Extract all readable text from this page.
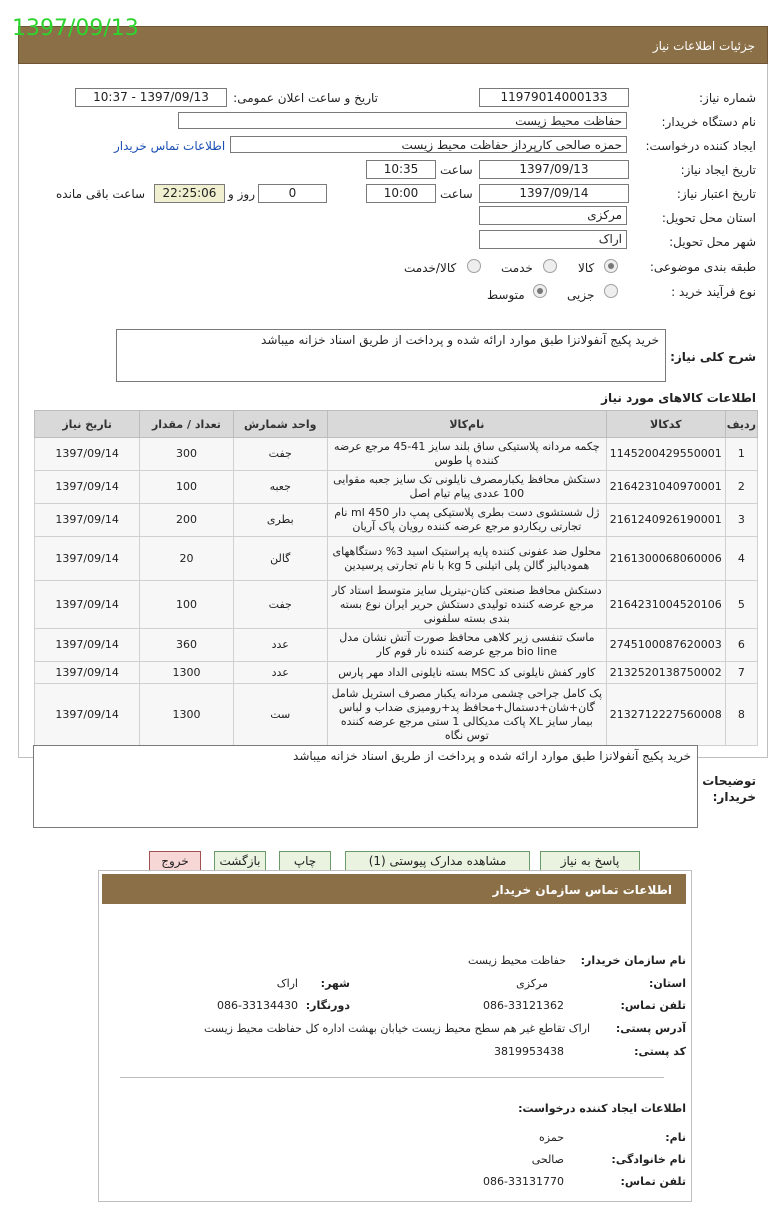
جزئیات اطلاعات نیاز
1397/09/13
شماره نیاز:
1197901400013З
تاریخ و ساعت اعلان عمومی:
1397/09/13 - 10:37
نام دستگاه خریدار:
حفاظت محیط زیست
ایجاد کننده درخواست:
حمزه صالحی کارپرداز حفاظت محیط زیست
اطلاعات تماس خریدار
تاریخ ایجاد نیاز:
1397/09/13
ساعت
10:35
تاریخ اعتبار نیاز:
1397/09/14
ساعت
10:00
0
روز و
22:25:06
ساعت باقی مانده
استان محل تحویل:
مرکزی
شهر محل تحویل:
اراک
طبقه بندی موضوعی:
کالا
خدمت
کالا/خدمت
نوع فرآیند خرید :
جزیی
متوسط
شرح کلی نیاز:
خرید پکیج آنفولانزا طبق موارد ارائه شده و پرداخت از طریق اسناد خزانه میباشد
اطلاعات کالاهای مورد نیاز
ردیف	کدکالا	نام‌کالا	واحد شمارش	تعداد / مقدار	تاریخ نیاز
1	1145200429550001	چکمه مردانه پلاستیکی ساق بلند سایز 41-45 مرجع عرضه کننده پا طوس	جفت	300	1397/09/14
2	2164231040970001	دستکش محافظ یکبارمصرف نایلونی تک سایز جعبه مقوایی 100 عددی پیام تیام اصل	جعبه	100	1397/09/14
3	2161240926190001	ژل شستشوی دست بطری پلاستیکی پمپ دار 450 ml نام تجارتی ریکاردو مرجع عرضه کننده رویان پاک آریان	بطری	200	1397/09/14
4	2161300068060006	محلول ضد عفونی کننده پایه پراستیک اسید 3% دستگاههای همودیالیز گالن پلی اتیلنی 5 kg با نام تجارتی پرسیدین	گالن	20	1397/09/14
5	2164231004520106	دستکش محافظ صنعتی کتان-نیتریل سایز متوسط استاد کار مرجع عرضه کننده تولیدی دستکش حریر ایران نوع بسته بندی بسته سلفونی	جفت	100	1397/09/14
6	2745100087620003	ماسک تنفسی زیر کلاهی محافظ صورت آتش نشان مدل bio line مرجع عرضه کننده نار فوم کار	عدد	360	1397/09/14
7	2132520138750002	کاور کفش نایلونی کد MSC بسته نایلونی الداد مهر پارس	عدد	1300	1397/09/14
8	2132712227560008	پک کامل جراحی چشمی مردانه یکبار مصرف استریل شامل گان+شان+دستمال+محافظ پد+رومیزی ضداب و لباس بیمار سایز XL پاکت مدیکالی 1 ستی مرجع عرضه کننده توس نگاه	ست	1300	1397/09/14
خرید پکیج آنفولانزا طبق موارد ارائه شده و پرداخت از طریق اسناد خزانه میباشد
توضیحات خریدار:
پاسخ به نیاز
مشاهده مدارک پیوستی (1)
چاپ
بازگشت
خروج
اطلاعات تماس سازمان خریدار
نام سازمان خریدار:
حفاظت محیط زیست
استان:
مرکزی
شهر:
اراک
تلفن تماس:
086-33121362
دورنگار:
086-33134430
آدرس پستی:
اراک تقاطع غیر هم سطح محیط زیست خیابان بهشت اداره کل حفاظت محیط زیست
کد پستی:
3819953438
اطلاعات ایجاد کننده درخواست:
نام:
حمزه
نام خانوادگی:
صالحی
تلفن تماس:
086-33131770
